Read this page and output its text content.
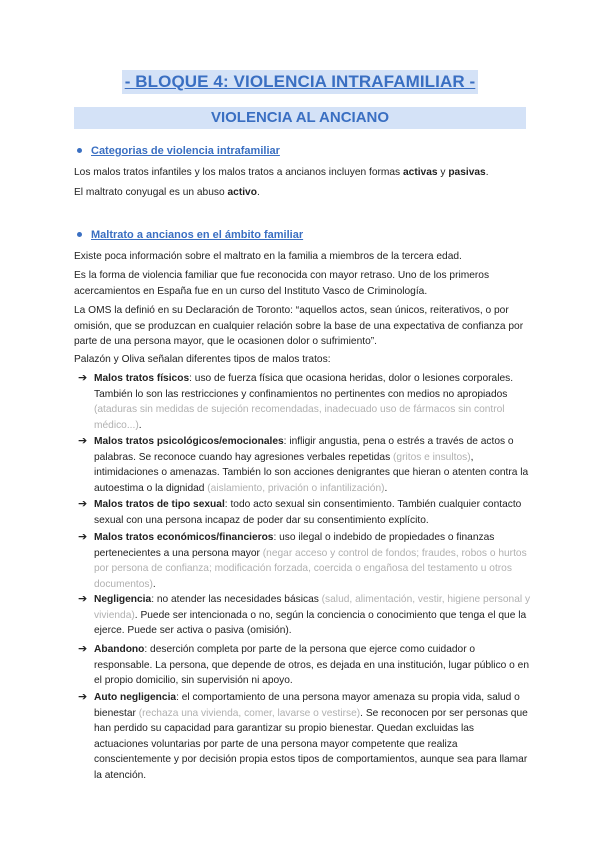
- BLOQUE 4: VIOLENCIA INTRAFAMILIAR -
VIOLENCIA AL ANCIANO
Categorias de violencia intrafamiliar

Los malos tratos infantiles y los malos tratos a ancianos incluyen formas activas y pasivas.

El maltrato conyugal es un abuso activo.

Maltrato a ancianos en el ámbito familiar

Existe poca información sobre el maltrato en la familia a miembros de la tercera edad.

Es la forma de violencia familiar que fue reconocida con mayor retraso. Uno de los primeros acercamientos en España fue en un curso del Instituto Vasco de Criminología.

La OMS la definió en su Declaración de Toronto: “aquellos actos, sean únicos, reiterativos, o por omisión, que se produzcan en cualquier relación sobre la base de una expectativa de confianza por parte de una persona mayor, que le ocasionen dolor o sufrimiento”.

Palazón y Oliva señalan diferentes tipos de malos tratos:

➔ Malos tratos físicos: uso de fuerza física que ocasiona heridas, dolor o lesiones corporales. También lo son las restricciones y confinamientos no pertinentes con medios no apropiados (ataduras sin medidas de sujeción recomendadas, inadecuado uso de fármacos sin control médico...).

➔ Malos tratos psicológicos/emocionales: infligir angustia, pena o estrés a través de actos o palabras. Se reconoce cuando hay agresiones verbales repetidas (gritos e insultos), intimidaciones o amenazas. También lo son acciones denigrantes que hieran o atenten contra la autoestima o la dignidad (aislamiento, privación o infantilización).

➔ Malos tratos de tipo sexual: todo acto sexual sin consentimiento. También cualquier contacto sexual con una persona incapaz de poder dar su consentimiento explícito.

➔ Malos tratos económicos/financieros: uso ilegal o indebido de propiedades o finanzas pertenecientes a una persona mayor (negar acceso y control de fondos; fraudes, robos o hurtos por persona de confianza; modificación forzada, coercida o engañosa del testamento u otros documentos).

➔ Negligencia: no atender las necesidades básicas (salud, alimentación, vestir, higiene personal y vivienda). Puede ser intencionada o no, según la conciencia o conocimiento que tenga el que la ejerce. Puede ser activa o pasiva (omisión).

➔ Abandono: deserción completa por parte de la persona que ejerce como cuidador o responsable. La persona, que depende de otros, es dejada en una institución, lugar público o en el propio domicilio, sin supervisión ni apoyo.

➔ Auto negligencia: el comportamiento de una persona mayor amenaza su propia vida, salud o bienestar (rechaza una vivienda, comer, lavarse o vestirse). Se reconocen por ser personas que han perdido su capacidad para garantizar su propio bienestar. Quedan excluidas las actuaciones voluntarias por parte de una persona mayor competente que realiza conscientemente y por decisión propia estos tipos de comportamientos, aunque sea para llamar la atención.
